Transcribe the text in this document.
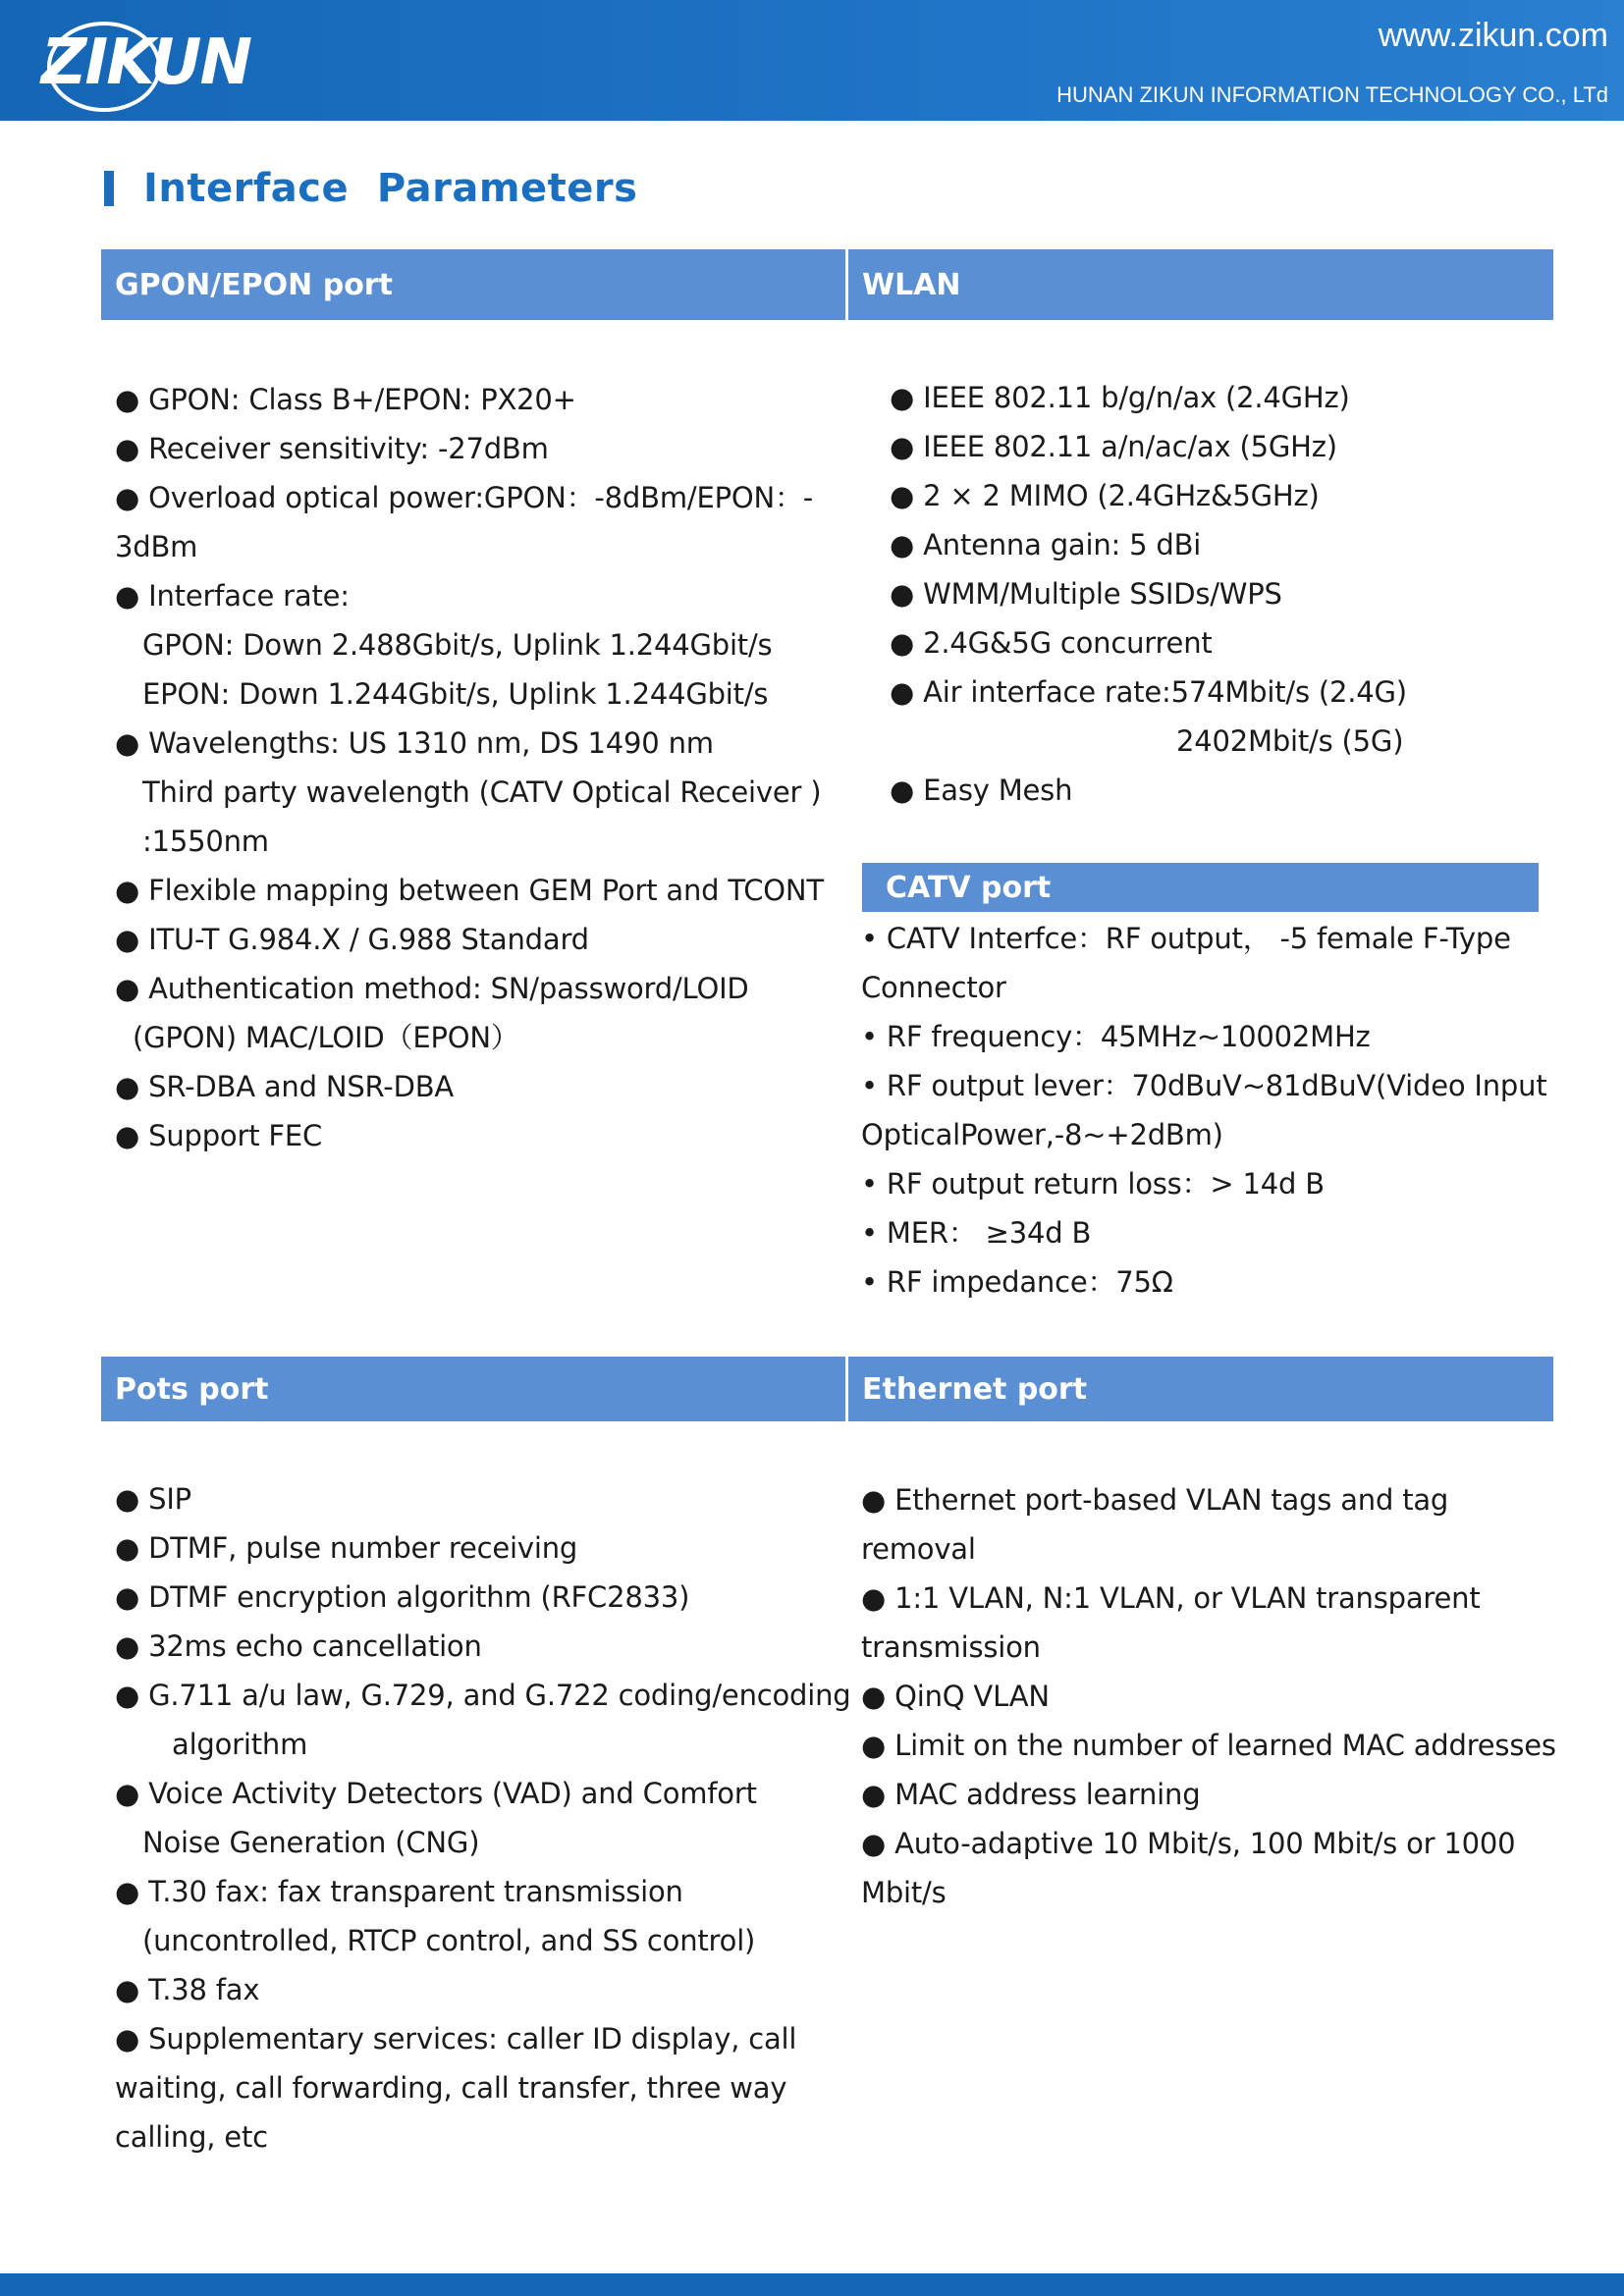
ZIKUN	www.zikun.com
HUNAN ZIKUN INFORMATION TECHNOLOGY CO., LTd
Interface  Parameters
GPON/EPON port	WLAN
CATV port
Pots port	Ethernet port
● GPON: Class B+/EPON: PX20+
● Receiver sensitivity: -27dBm
● Overload optical power:GPON：-8dBm/EPON：-
3dBm
● Interface rate:
GPON: Down 2.488Gbit/s, Uplink 1.244Gbit/s
EPON: Down 1.244Gbit/s, Uplink 1.244Gbit/s
● Wavelengths: US 1310 nm, DS 1490 nm
Third party wavelength (CATV Optical Receiver )
:1550nm
● Flexible mapping between GEM Port and TCONT
● ITU-T G.984.X / G.988 Standard
● Authentication method: SN/password/LOID
(GPON) MAC/LOID（EPON）
● SR-DBA and NSR-DBA
● Support FEC
● IEEE 802.11 b/g/n/ax (2.4GHz)
● IEEE 802.11 a/n/ac/ax (5GHz)
● 2 × 2 MIMO (2.4GHz&5GHz)
● Antenna gain: 5 dBi
● WMM/Multiple SSIDs/WPS
● 2.4G&5G concurrent
● Air interface rate:574Mbit/s (2.4G)
2402Mbit/s (5G)
● Easy Mesh
• CATV Interfce：RF output， -5 female F-Type
Connector
• RF frequency：45MHz~10002MHz
• RF output lever：70dBuV~81dBuV(Video Input
OpticalPower,-8~+2dBm)
• RF output return loss：> 14d B
• MER： ≥34d B
• RF impedance：75Ω
● SIP
● DTMF, pulse number receiving
● DTMF encryption algorithm (RFC2833)
● 32ms echo cancellation
● G.711 a/u law, G.729, and G.722 coding/encoding
algorithm
● Voice Activity Detectors (VAD) and Comfort
Noise Generation (CNG)
● T.30 fax: fax transparent transmission
(uncontrolled, RTCP control, and SS control)
● T.38 fax
● Supplementary services: caller ID display, call
waiting, call forwarding, call transfer, three way
calling, etc
● Ethernet port-based VLAN tags and tag
removal
● 1:1 VLAN, N:1 VLAN, or VLAN transparent
transmission
● QinQ VLAN
● Limit on the number of learned MAC addresses
● MAC address learning
● Auto-adaptive 10 Mbit/s, 100 Mbit/s or 1000
Mbit/s
